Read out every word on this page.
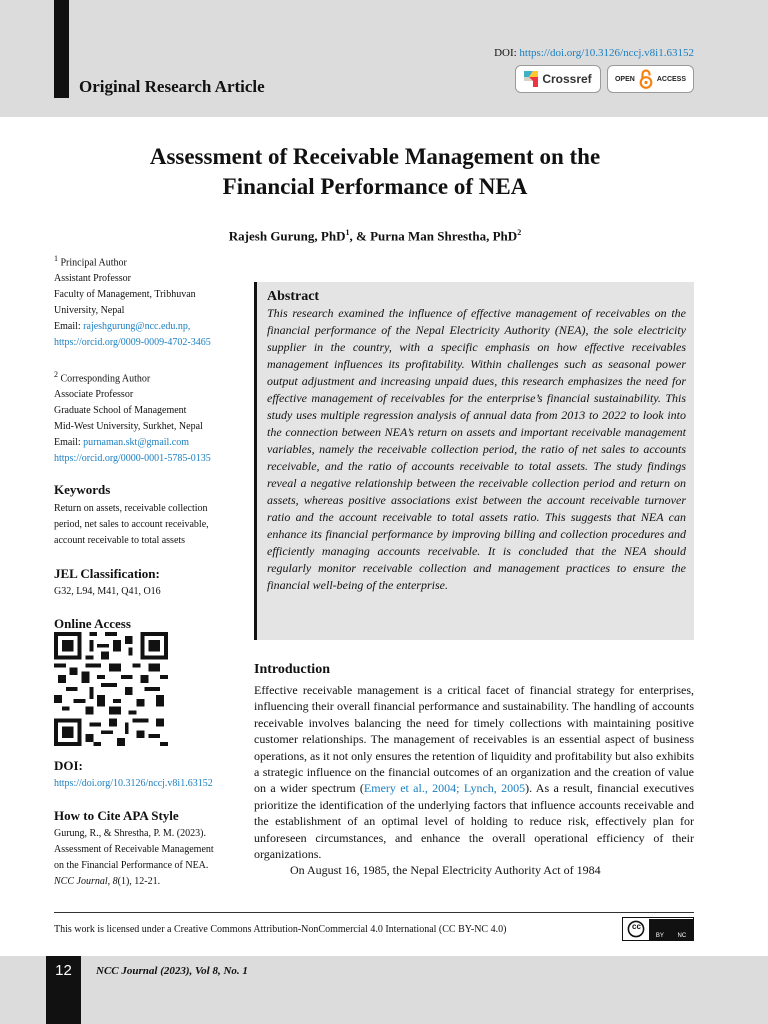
Original Research Article
DOI: https://doi.org/10.3126/nccj.v8i1.63152
Crossref	OPEN	ACCESS
Assessment of Receivable Management on the
Financial Performance of NEA
Rajesh Gurung, PhD$^1$, & Purna Man Shrestha, PhD$^2$
$^1$ Principal Author
Assistant Professor
Faculty of Management, Tribhuvan
University, Nepal
Email: rajeshgurung@ncc.edu.np,
https://orcid.org/0009-0009-4702-3465
$^2$ Corresponding Author
Associate Professor
Graduate School of Management
Mid-West University, Surkhet, Nepal
Email: purnaman.skt@gmail.com
https://orcid.org/0000-0001-5785-0135
Keywords
Return on assets, receivable collection
period, net sales to account receivable,
account receivable to total assets
JEL Classification:
G32, L94, M41, Q41, O16
Online Access
DOI:
https://doi.org/10.3126/nccj.v8i1.63152
How to Cite APA Style
Gurung, R., & Shrestha, P. M. (2023).
Assessment of Receivable Management
on the Financial Performance of NEA.
NCC Journal, 8(1), 12-21.
Abstract
This research examined the influence of effective management of receivables on the financial performance of the Nepal Electricity Authority (NEA), the sole electricity supplier in the country, with a specific emphasis on how effective receivables management influences its profitability. Within challenges such as seasonal power output adjustment and increasing unpaid dues, this research emphasizes the need for effective management of receivables for the enterprise’s financial sustainability. This study uses multiple regression analysis of annual data from 2013 to 2022 to look into the connection between NEA’s return on assets and important receivable management variables, namely the receivable collection period, the ratio of net sales to accounts receivable, and the ratio of accounts receivable to total assets. The study findings reveal a negative relationship between the receivable collection period and return on assets, whereas positive associations exist between the account receivable turnover ratio and the account receivable to total assets ratio. This suggests that NEA can enhance its financial performance by improving billing and collection procedures and efficiently managing accounts receivable. It is concluded that the NEA should regularly monitor receivable collection and management practices to ensure the financial well-being of the enterprise.
Introduction

Effective receivable management is a critical facet of financial strategy for enterprises, influencing their overall financial performance and sustainability. The handling of accounts receivable involves balancing the need for timely collections with maintaining positive customer relationships. The management of receivables is an essential aspect of business operations, as it not only ensures the retention of liquidity and profitability but also exhibits a strategic influence on the financial outcomes of an organization and the creation of value on a wider spectrum (Emery et al., 2004; Lynch, 2005). As a result, financial executives prioritize the identification of the underlying factors that influence accounts receivable and the establishment of an optimal level of holding to reduce risk, effectively plan for unforeseen circumstances, and enhance the overall operational efficiency of their organizations.

On August 16, 1985, the Nepal Electricity Authority Act of 1984

This work is licensed under a Creative Commons Attribution-NonCommercial 4.0 International (CC BY-NC 4.0)	cc
BY NC
12	NCC Journal (2023), Vol 8, No. 1
